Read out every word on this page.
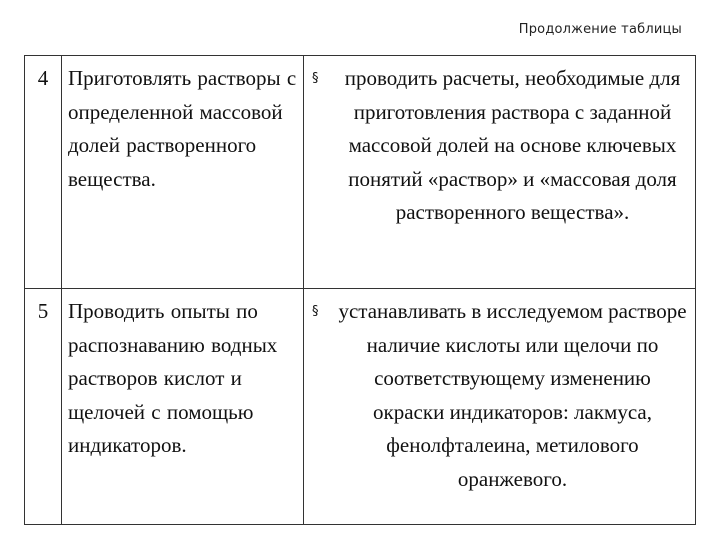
Продолжение таблицы
4	Приготовлять растворы с определенной массовой долей растворенного вещества.	§ проводить расчеты, необходимые для приготовления раствора с заданной массовой долей на основе ключевых понятий «раствор» и «массовая доля растворенного вещества».

5	Проводить опыты по распознаванию водных растворов кислот и щелочей с помощью индикаторов.	§ устанавливать в исследуемом растворе наличие кислоты или щелочи по соответствующему изменению окраски индикаторов: лакмуса, фенолфталеина, метилового оранжевого.
